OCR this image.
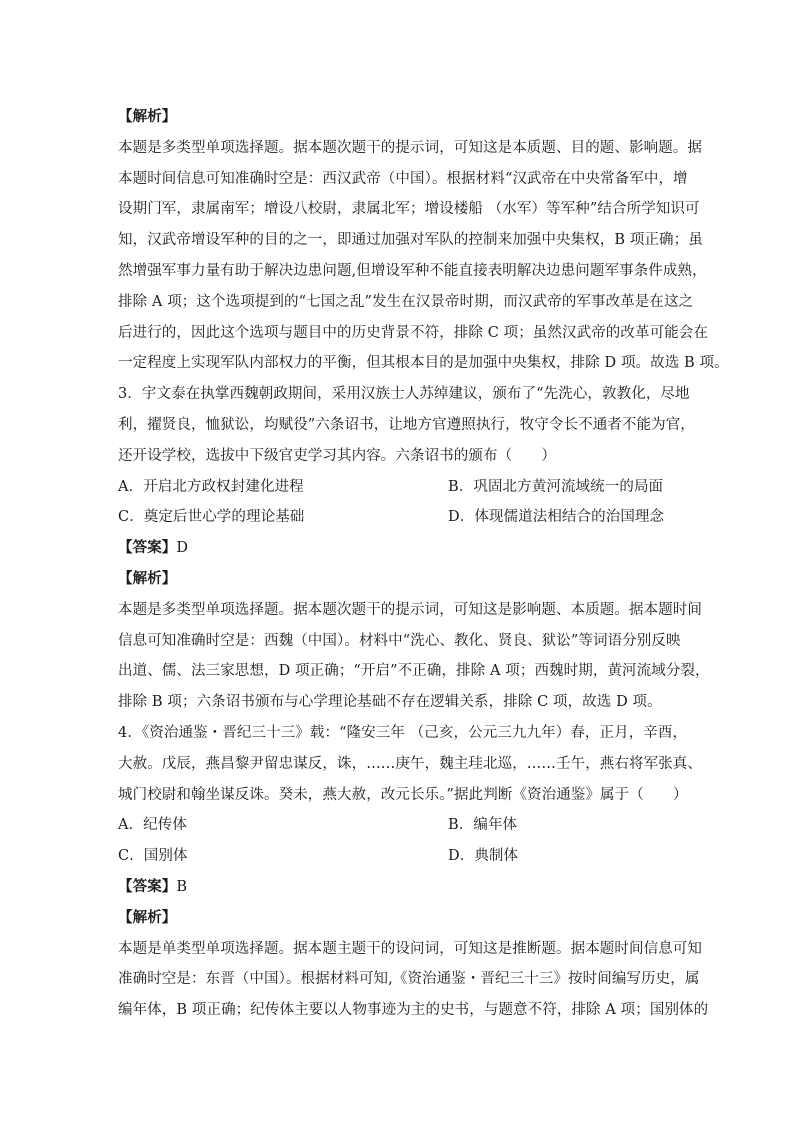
【解析】
本题是多类型单项选择题。据本题次题干的提示词，可知这是本质题、目的题、影响题。据
本题时间信息可知准确时空是：西汉武帝（中国）。根据材料“汉武帝在中央常备军中，增
设期门军，隶属南军；增设八校尉，隶属北军；增设楼船 （水军）等军种”结合所学知识可
知，汉武帝增设军种的目的之一，即通过加强对军队的控制来加强中央集权，B 项正确；虽
然增强军事力量有助于解决边患问题,但增设军种不能直接表明解决边患问题军事条件成熟，
排除 A 项；这个选项提到的“七国之乱”发生在汉景帝时期，而汉武帝的军事改革是在这之
后进行的，因此这个选项与题目中的历史背景不符，排除 C 项；虽然汉武帝的改革可能会在
一定程度上实现军队内部权力的平衡，但其根本目的是加强中央集权，排除 D 项。故选 B 项。
3．宇文泰在执掌西魏朝政期间，采用汉族士人苏绰建议，颁布了“先洗心，敦教化，尽地
利，擢贤良，恤狱讼，均赋役”六条诏书，让地方官遵照执行，牧守令长不通者不能为官，
还开设学校，选拔中下级官吏学习其内容。六条诏书的颁布（　　）
A．开启北方政权封建化进程	B．巩固北方黄河流域统一的局面
C．奠定后世心学的理论基础	D．体现儒道法相结合的治国理念
【答案】D
【解析】
本题是多类型单项选择题。据本题次题干的提示词，可知这是影响题、本质题。据本题时间
信息可知准确时空是：西魏（中国）。材料中“洗心、教化、贤良、狱讼”等词语分别反映
出道、儒、法三家思想，D 项正确；“开启”不正确，排除 A 项；西魏时期，黄河流域分裂，
排除 B 项；六条诏书颁布与心学理论基础不存在逻辑关系，排除 C 项，故选 D 项。
4．《资治通鉴・晋纪三十三》载：“隆安三年 （己亥，公元三九九年）春，正月，辛酉，
大赦。戊辰，燕昌黎尹留忠谋反，诛，……庚午，魏主珪北巡，……壬午，燕右将军张真、
城门校尉和翰坐谋反诛。癸未，燕大赦，改元长乐。”据此判断《资治通鉴》属于（　　）
A．纪传体	B．编年体
C．国别体	D．典制体
【答案】B
【解析】
本题是单类型单项选择题。据本题主题干的设问词，可知这是推断题。据本题时间信息可知
准确时空是：东晋（中国）。根据材料可知,《资治通鉴・晋纪三十三》按时间编写历史，属
编年体，B 项正确；纪传体主要以人物事迹为主的史书，与题意不符，排除 A 项；国别体的
